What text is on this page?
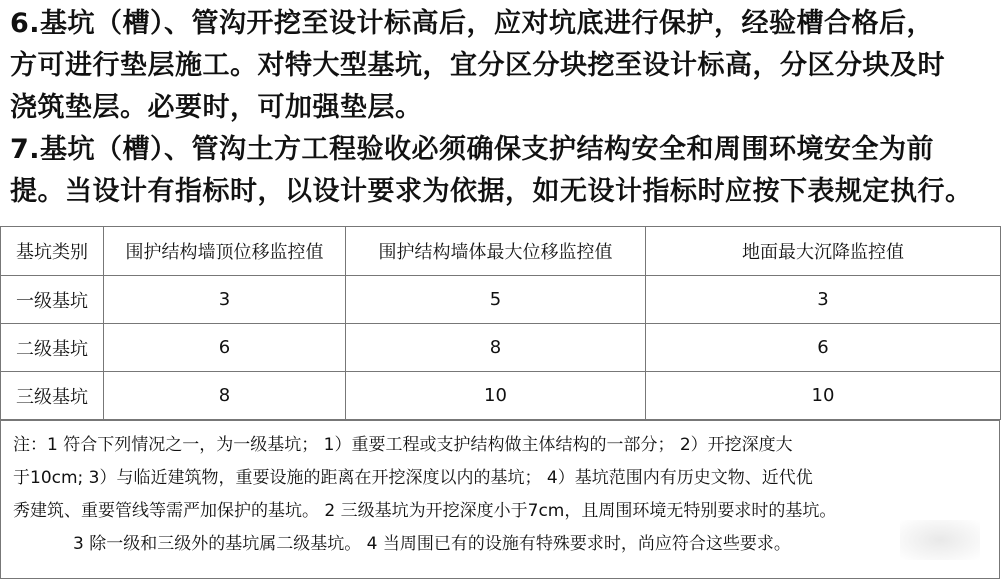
6.基坑（槽）、管沟开挖至设计标高后，应对坑底进行保护，经验槽合格后，
方可进行垫层施工。对特大型基坑，宜分区分块挖至设计标高，分区分块及时
浇筑垫层。必要时，可加强垫层。
7.基坑（槽）、管沟土方工程验收必须确保支护结构安全和周围环境安全为前
提。当设计有指标时，以设计要求为依据，如无设计指标时应按下表规定执行。
基坑类别	围护结构墙顶位移监控值	围护结构墙体最大位移监控值	地面最大沉降监控值
一级基坑	3	5	3
二级基坑	6	8	6
三级基坑	8	10	10
注：1 符合下列情况之一，为一级基坑； 1）重要工程或支护结构做主体结构的一部分； 2）开挖深度大
于10cm; 3）与临近建筑物，重要设施的距离在开挖深度以内的基坑； 4）基坑范围内有历史文物、近代优
秀建筑、重要管线等需严加保护的基坑。 2 三级基坑为开挖深度小于7cm，且周围环境无特别要求时的基坑。
3 除一级和三级外的基坑属二级基坑。 4 当周围已有的设施有特殊要求时，尚应符合这些要求。
